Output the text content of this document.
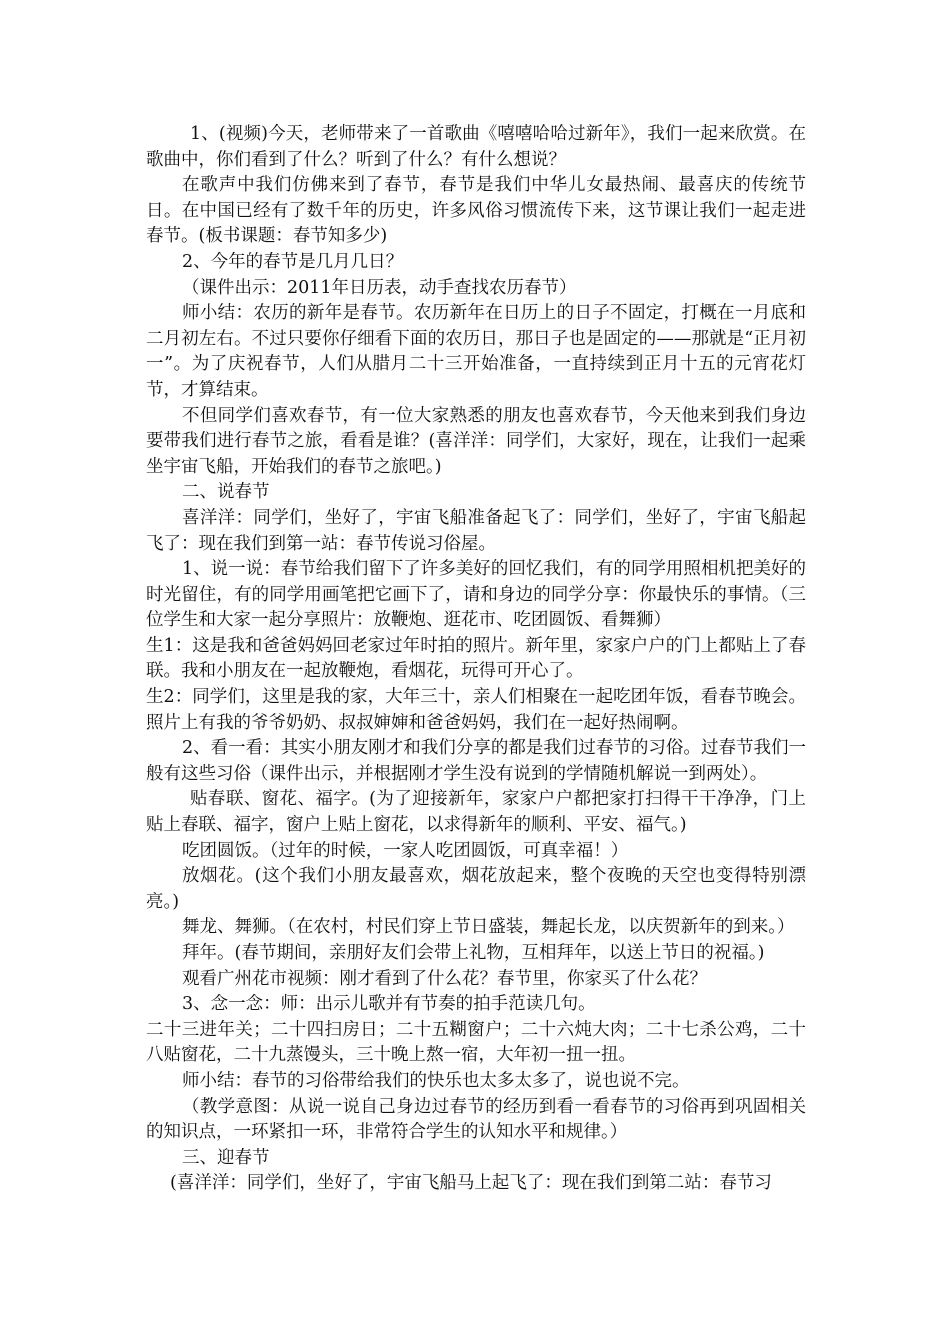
1、(视频)今天，老师带来了一首歌曲《嘻嘻哈哈过新年》，我们一起来欣赏。在歌曲中，你们看到了什么？听到了什么？有什么想说？

在歌声中我们仿佛来到了春节，春节是我们中华儿女最热闹、最喜庆的传统节日。在中国已经有了数千年的历史，许多风俗习惯流传下来，这节课让我们一起走进春节。(板书课题：春节知多少)

2、今年的春节是几月几日？

（课件出示：2011年日历表，动手查找农历春节）

师小结：农历的新年是春节。农历新年在日历上的日子不固定，打概在一月底和二月初左右。不过只要你仔细看下面的农历日，那日子也是固定的——那就是“正月初一”。为了庆祝春节，人们从腊月二十三开始准备，一直持续到正月十五的元宵花灯节，才算结束。

不但同学们喜欢春节，有一位大家熟悉的朋友也喜欢春节，今天他来到我们身边要带我们进行春节之旅，看看是谁？(喜洋洋：同学们，大家好，现在，让我们一起乘坐宇宙飞船，开始我们的春节之旅吧。)

二、说春节

喜洋洋：同学们，坐好了，宇宙飞船准备起飞了：同学们，坐好了，宇宙飞船起飞了：现在我们到第一站：春节传说习俗屋。

1、说一说：春节给我们留下了许多美好的回忆我们，有的同学用照相机把美好的时光留住，有的同学用画笔把它画下了，请和身边的同学分享：你最快乐的事情。（三位学生和大家一起分享照片：放鞭炮、逛花市、吃团圆饭、看舞狮）

生1：这是我和爸爸妈妈回老家过年时拍的照片。新年里，家家户户的门上都贴上了春联。我和小朋友在一起放鞭炮，看烟花，玩得可开心了。

生2：同学们，这里是我的家，大年三十，亲人们相聚在一起吃团年饭，看春节晚会。照片上有我的爷爷奶奶、叔叔婶婶和爸爸妈妈，我们在一起好热闹啊。

2、看一看：其实小朋友刚才和我们分享的都是我们过春节的习俗。过春节我们一般有这些习俗（课件出示，并根据刚才学生没有说到的学情随机解说一到两处）。

贴春联、窗花、福字。(为了迎接新年，家家户户都把家打扫得干干净净，门上贴上春联、福字，窗户上贴上窗花，以求得新年的顺利、平安、福气。)

吃团圆饭。（过年的时候，一家人吃团圆饭，可真幸福！）

放烟花。(这个我们小朋友最喜欢，烟花放起来，整个夜晚的天空也变得特别漂亮。)

舞龙、舞狮。（在农村，村民们穿上节日盛装，舞起长龙，以庆贺新年的到来。）

拜年。(春节期间，亲朋好友们会带上礼物，互相拜年，以送上节日的祝福。)

观看广州花市视频：刚才看到了什么花？春节里，你家买了什么花？

3、念一念：师：出示儿歌并有节奏的拍手范读几句。

二十三进年关；二十四扫房日；二十五糊窗户；二十六炖大肉；二十七杀公鸡，二十八贴窗花，二十九蒸馒头，三十晚上熬一宿，大年初一扭一扭。

师小结：春节的习俗带给我们的快乐也太多太多了，说也说不完。

（教学意图：从说一说自己身边过春节的经历到看一看春节的习俗再到巩固相关的知识点，一环紧扣一环，非常符合学生的认知水平和规律。）

三、迎春节

(喜洋洋：同学们，坐好了，宇宙飞船马上起飞了：现在我们到第二站：春节习
